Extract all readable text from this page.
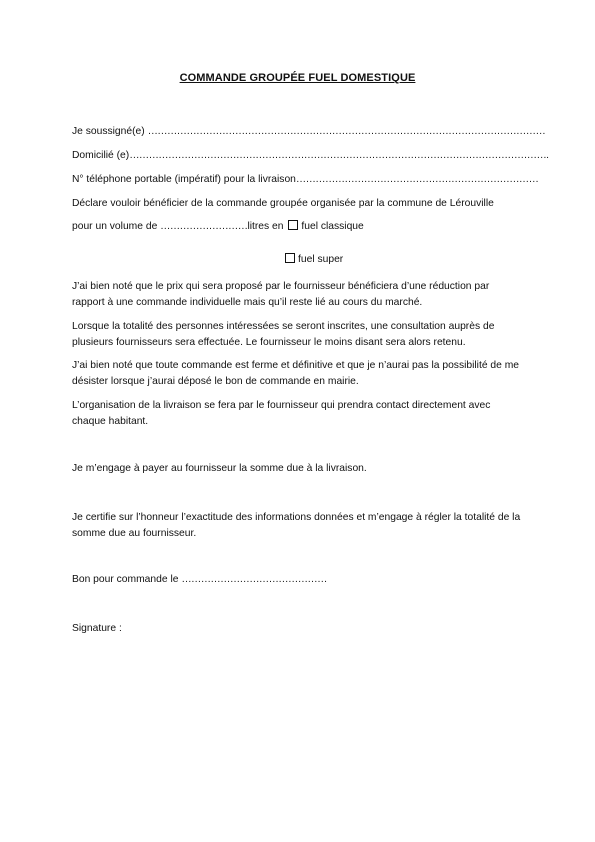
COMMANDE GROUPÉE FUEL DOMESTIQUE
Je soussigné(e) ……………………………………………………………………………………………………………
Domicilié (e)………………………………………………………………………………………………………………….
N° téléphone portable (impératif) pour la livraison…………………………………………………………………
Déclare vouloir bénéficier de la commande groupée organisée par la commune de Lérouville
pour un volume de ………………………litres en fuel classique
fuel super
J’ai bien noté que le prix qui sera proposé par le fournisseur bénéficiera d’une réduction par rapport à une commande individuelle mais qu’il reste lié au cours du marché.
Lorsque la totalité des personnes intéressées se seront inscrites, une consultation auprès de plusieurs fournisseurs sera effectuée. Le fournisseur le moins disant sera alors retenu.
J’ai bien noté que toute commande est ferme et définitive et que je n’aurai pas la possibilité de me désister lorsque j’aurai déposé le bon de commande en mairie.
L’organisation de la livraison se fera par le fournisseur qui prendra contact directement avec chaque habitant.
Je m’engage à payer au fournisseur la somme due à la livraison.
Je certifie sur l’honneur l’exactitude des informations données et m’engage à régler la totalité de la somme due au fournisseur.
Bon pour commande le ………………………………………
Signature :
